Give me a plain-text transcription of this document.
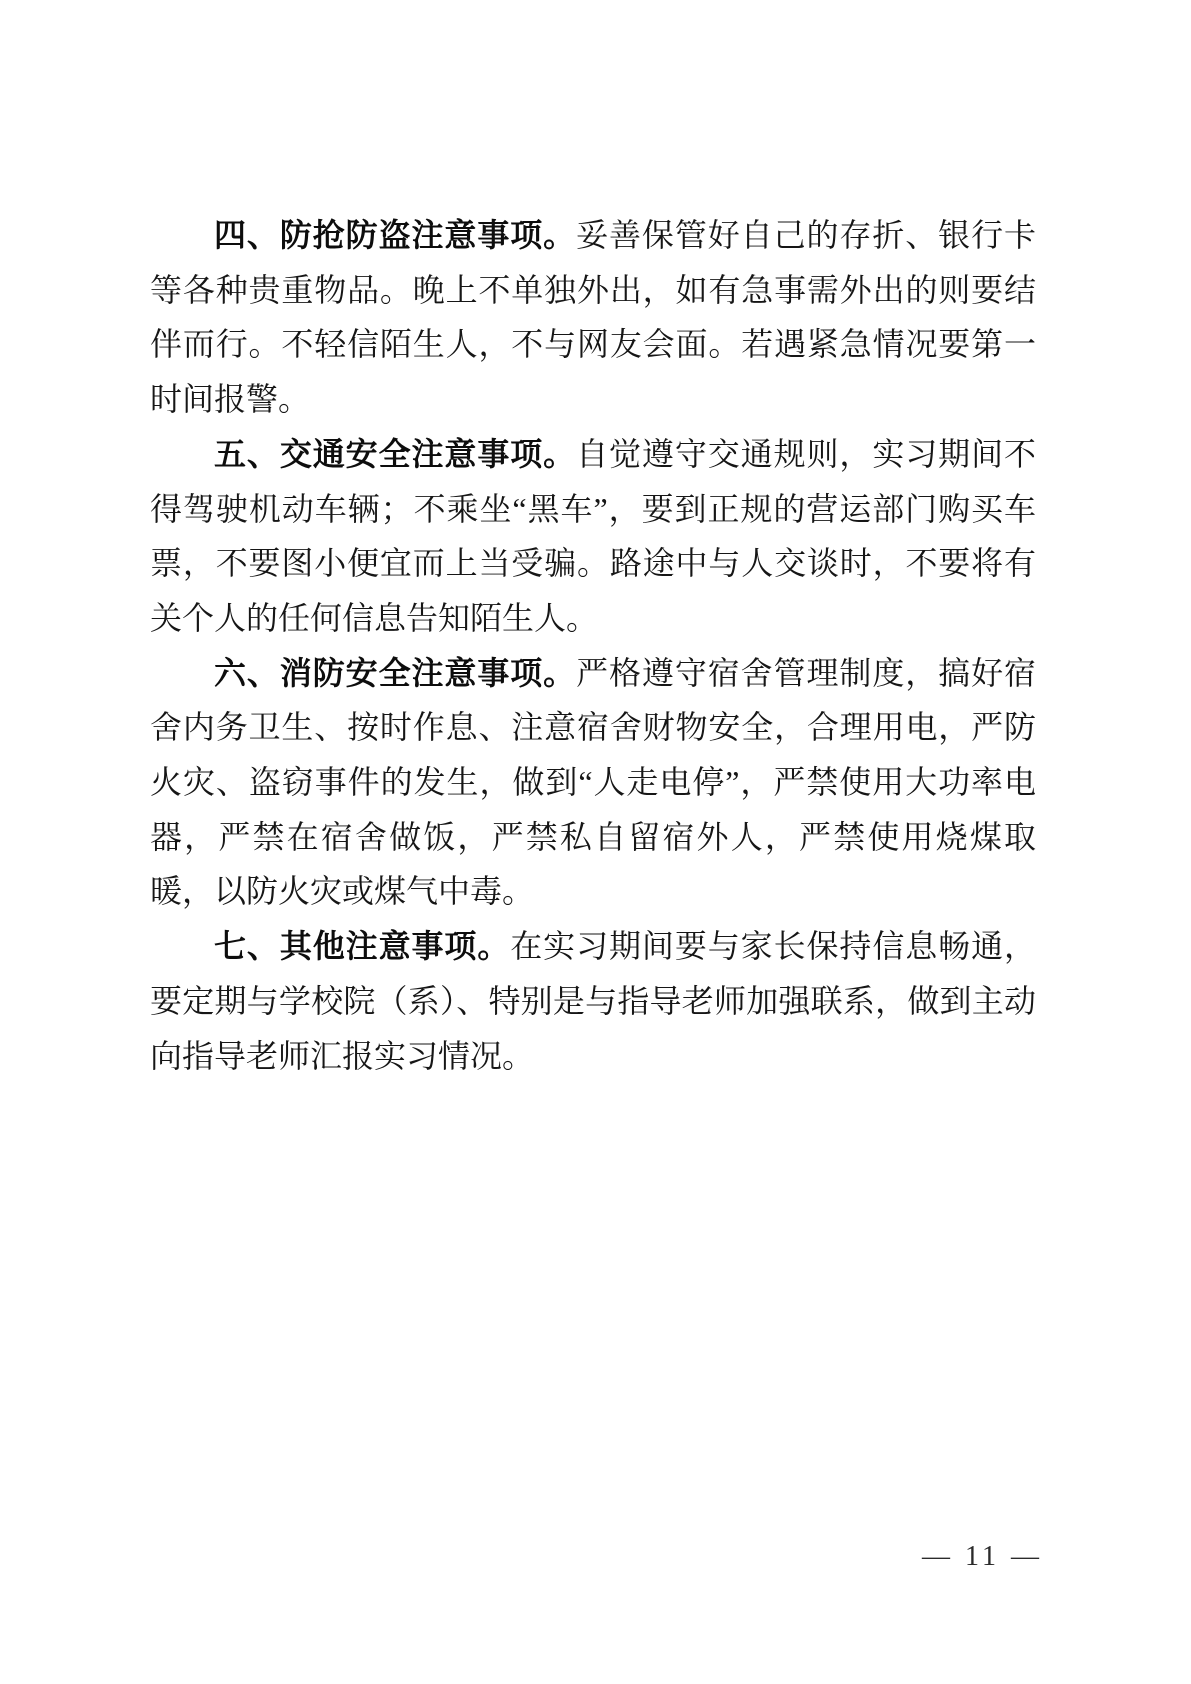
四、防抢防盗注意事项。妥善保管好自己的存折、银行卡等各种贵重物品。晚上不单独外出，如有急事需外出的则要结伴而行。不轻信陌生人，不与网友会面。若遇紧急情况要第一时间报警。

五、交通安全注意事项。自觉遵守交通规则，实习期间不得驾驶机动车辆；不乘坐“黑车”，要到正规的营运部门购买车票，不要图小便宜而上当受骗。路途中与人交谈时，不要将有关个人的任何信息告知陌生人。

六、消防安全注意事项。严格遵守宿舍管理制度，搞好宿舍内务卫生、按时作息、注意宿舍财物安全，合理用电，严防火灾、盗窃事件的发生，做到“人走电停”，严禁使用大功率电器，严禁在宿舍做饭，严禁私自留宿外人，严禁使用烧煤取暖，以防火灾或煤气中毒。

七、其他注意事项。在实习期间要与家长保持信息畅通，要定期与学校院（系）、特别是与指导老师加强联系，做到主动向指导老师汇报实习情况。

— 11 —
